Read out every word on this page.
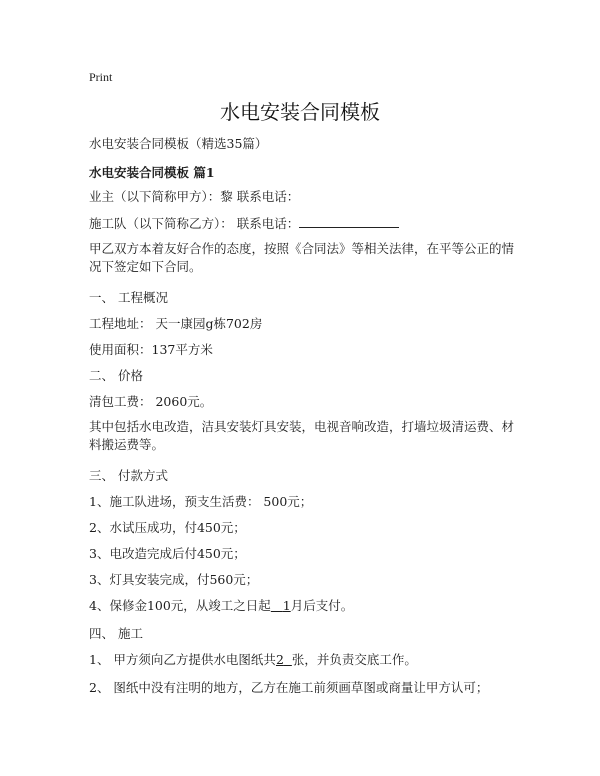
Print
水电安装合同模板
水电安装合同模板（精选35篇）
水电安装合同模板 篇1
业主（以下简称甲方）：黎 联系电话：
施工队（以下简称乙方）： 联系电话：
甲乙双方本着友好合作的态度，按照《合同法》等相关法律，在平等公正的情况下签定如下合同。
一、 工程概况
工程地址： 天一康园g栋702房
使用面积：137平方米
二、 价格
清包工费： 2060元。
其中包括水电改造，洁具安装灯具安装，电视音响改造，打墙垃圾清运费、材料搬运费等。
三、 付款方式
1、施工队进场，预支生活费： 500元；
2、水试压成功，付450元；
3、电改造完成后付450元；
3、灯具安装完成，付560元；
4、保修金100元，从竣工之日起 1月后支付。
四、 施工
1、 甲方须向乙方提供水电图纸共2 张，并负责交底工作。
2、 图纸中没有注明的地方，乙方在施工前须画草图或商量让甲方认可；
